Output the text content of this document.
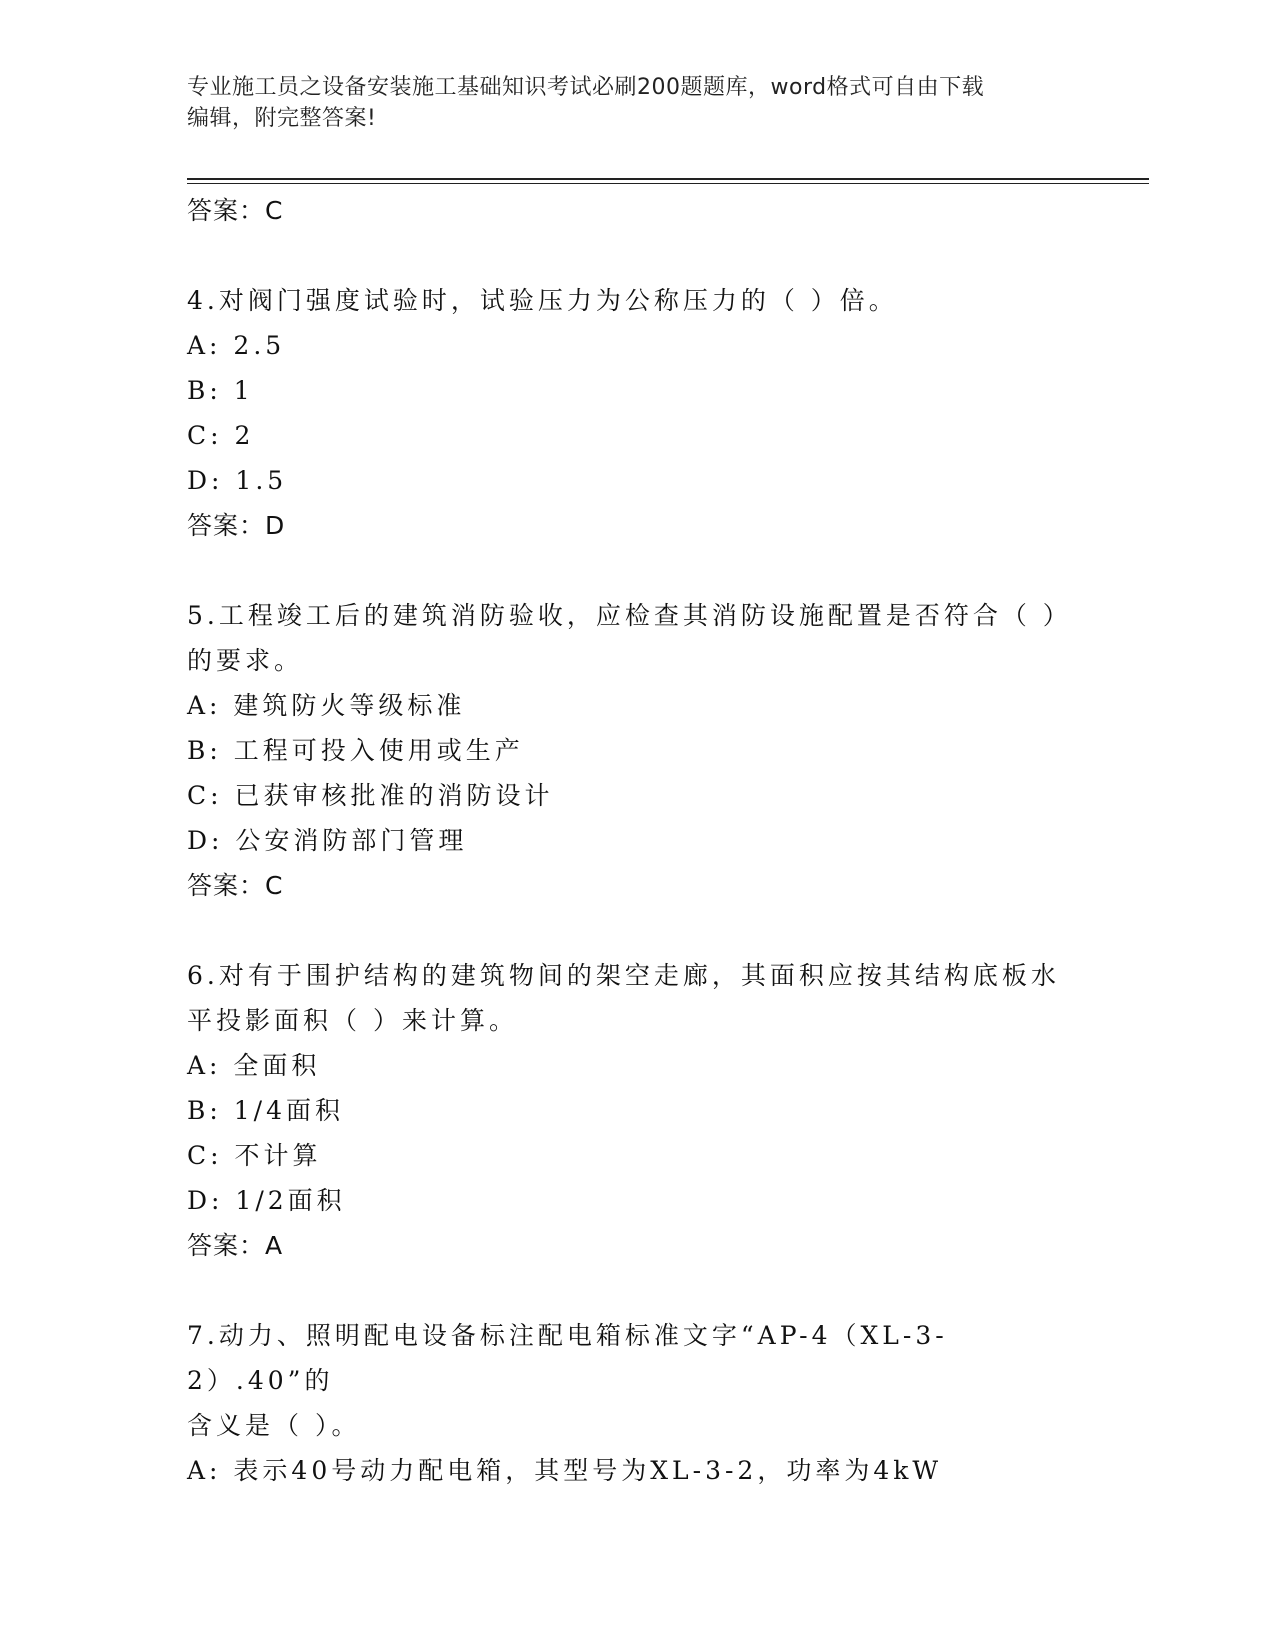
专业施工员之设备安装施工基础知识考试必刷200题题库，word格式可自由下载
编辑，附完整答案!
答案：C
4.对阀门强度试验时，试验压力为公称压力的（ ）倍。
A: 2.5
B: 1
C: 2
D: 1.5
答案：D
5.工程竣工后的建筑消防验收，应检查其消防设施配置是否符合（ ）
的要求。
A: 建筑防火等级标准
B: 工程可投入使用或生产
C: 已获审核批准的消防设计
D: 公安消防部门管理
答案：C
6.对有于围护结构的建筑物间的架空走廊，其面积应按其结构底板水
平投影面积（ ）来计算。
A: 全面积
B: 1/4面积
C: 不计算
D: 1/2面积
答案：A
7.动力、照明配电设备标注配电箱标准文字“AP-4（XL-3-2）.40”的
含义是（ ）。
A: 表示40号动力配电箱，其型号为XL-3-2，功率为4kW
